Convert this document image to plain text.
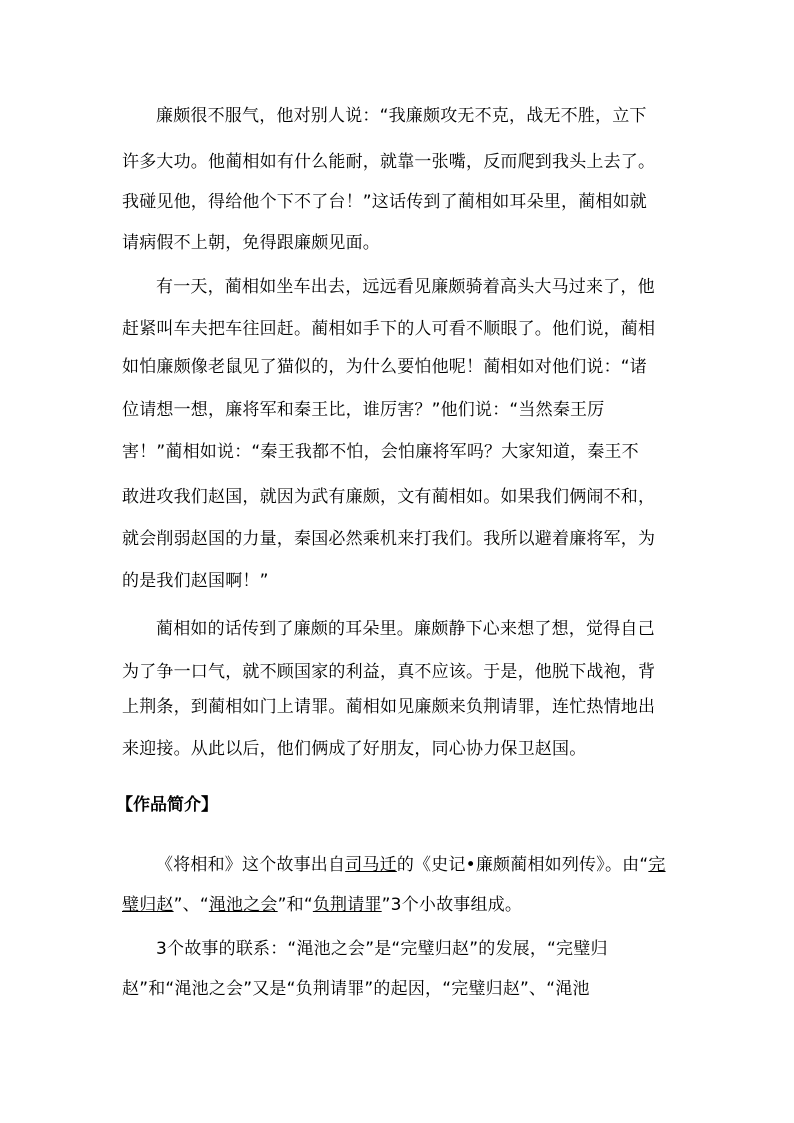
廉颇很不服气，他对别人说：“我廉颇攻无不克，战无不胜，立下
许多大功。他蔺相如有什么能耐，就靠一张嘴，反而爬到我头上去了。
我碰见他，得给他个下不了台！”这话传到了蔺相如耳朵里，蔺相如就
请病假不上朝，免得跟廉颇见面。
有一天，蔺相如坐车出去，远远看见廉颇骑着高头大马过来了，他
赶紧叫车夫把车往回赶。蔺相如手下的人可看不顺眼了。他们说，蔺相
如怕廉颇像老鼠见了猫似的，为什么要怕他呢！蔺相如对他们说：“诸
位请想一想，廉将军和秦王比，谁厉害？”他们说：“当然秦王厉
害！”蔺相如说：“秦王我都不怕，会怕廉将军吗？大家知道，秦王不
敢进攻我们赵国，就因为武有廉颇，文有蔺相如。如果我们俩闹不和，
就会削弱赵国的力量，秦国必然乘机来打我们。我所以避着廉将军，为
的是我们赵国啊！”
蔺相如的话传到了廉颇的耳朵里。廉颇静下心来想了想，觉得自己
为了争一口气，就不顾国家的利益，真不应该。于是，他脱下战袍，背
上荆条，到蔺相如门上请罪。蔺相如见廉颇来负荆请罪，连忙热情地出
来迎接。从此以后，他们俩成了好朋友，同心协力保卫赵国。
【作品简介】
《将相和》这个故事出自司马迁的《史记•廉颇蔺相如列传》。由“完
璧归赵”、“渑池之会”和“负荆请罪”3个小故事组成。
3个故事的联系：“渑池之会”是“完璧归赵”的发展，“完璧归
赵”和“渑池之会”又是“负荆请罪”的起因，“完璧归赵”、“渑池
